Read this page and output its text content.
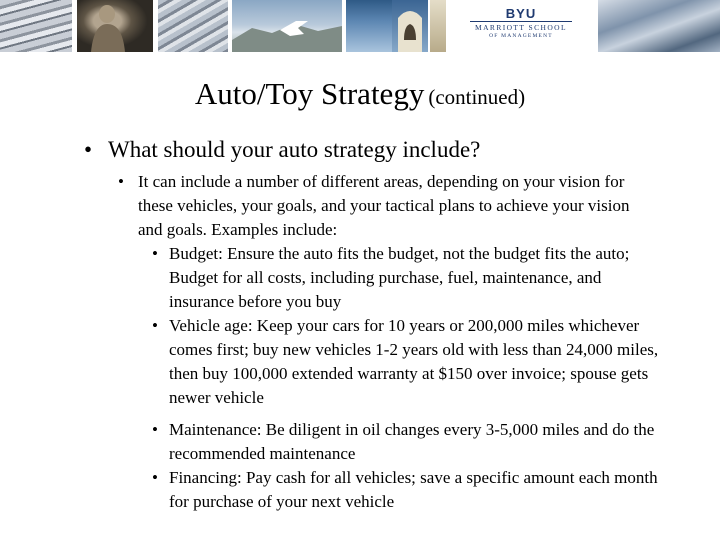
BYU
MARRIOTT SCHOOL
OF MANAGEMENT
Auto/Toy Strategy (continued)
• What should your auto strategy include?
• It can include a number of different areas, depending on your vision for these vehicles, your goals, and your tactical plans to achieve your vision and goals. Examples include:
• Budget: Ensure the auto fits the budget, not the budget fits the auto; Budget for all costs, including purchase, fuel, maintenance, and insurance before you buy
• Vehicle age: Keep your cars for 10 years or 200,000 miles whichever comes first; buy new vehicles 1-2 years old with less than 24,000 miles, then buy 100,000 extended warranty at $150 over invoice; spouse gets newer vehicle
• Maintenance: Be diligent in oil changes every 3-5,000 miles and do the recommended maintenance
• Financing: Pay cash for all vehicles; save a specific amount each month for purchase of your next vehicle
